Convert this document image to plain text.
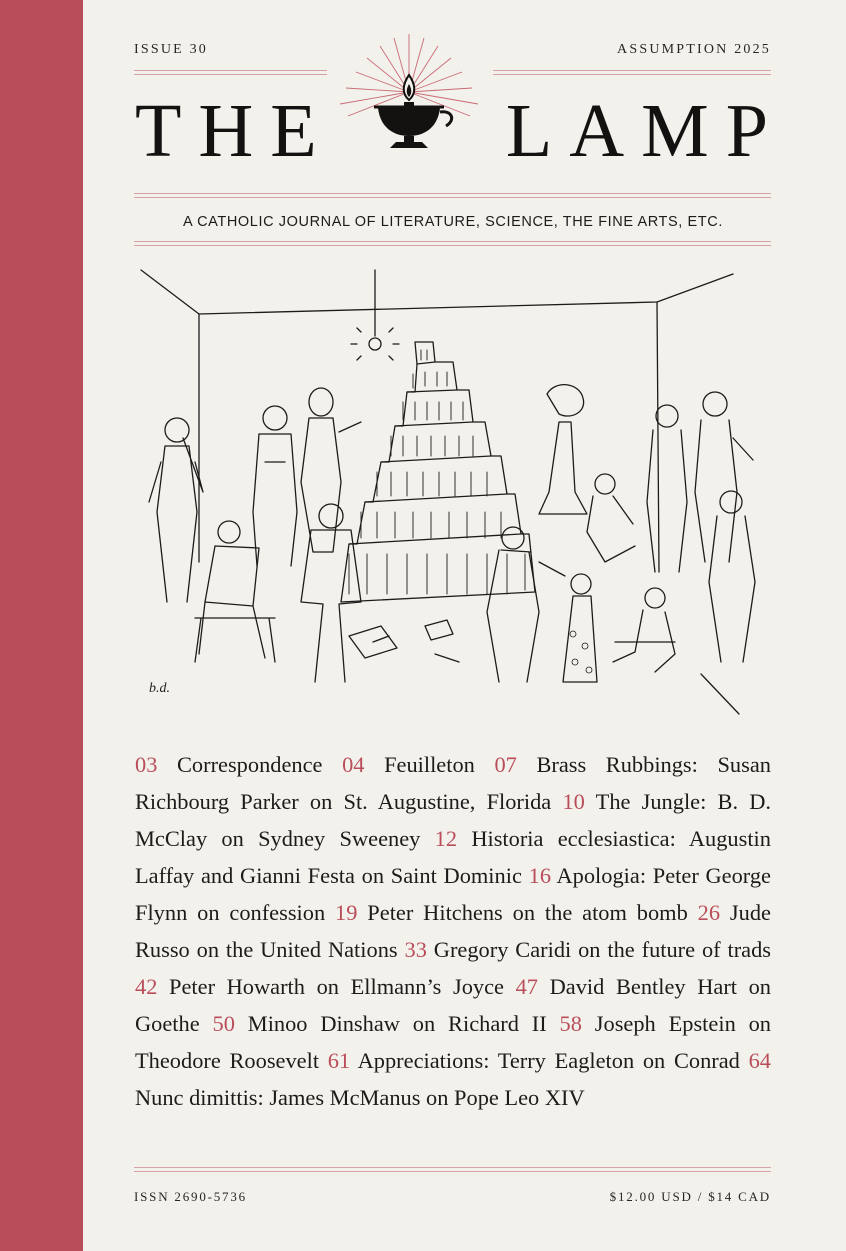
ISSUE 30	ASSUMPTION 2025
THE LAMP
A CATHOLIC JOURNAL OF LITERATURE, SCIENCE, THE FINE ARTS, ETC.
b.d.
03 Correspondence 04 Feuilleton 07 Brass Rubbings: Susan Richbourg Parker on St. Augustine, Florida 10 The Jungle: B. D. McClay on Sydney Sweeney 12 Historia ecclesiastica: Augustin Laffay and Gianni Festa on Saint Dominic 16 Apologia: Peter George Flynn on confession 19 Peter Hitchens on the atom bomb 26 Jude Russo on the United Nations 33 Gregory Caridi on the future of trads 42 Peter Howarth on Ellmann’s Joyce 47 David Bentley Hart on Goethe 50 Minoo Dinshaw on Richard II 58 Joseph Epstein on Theodore Roosevelt 61 Appreciations: Terry Eagleton on Conrad 64 Nunc dimittis: James McManus on Pope Leo XIV
ISSN 2690-5736	$12.00 USD / $14 CAD
